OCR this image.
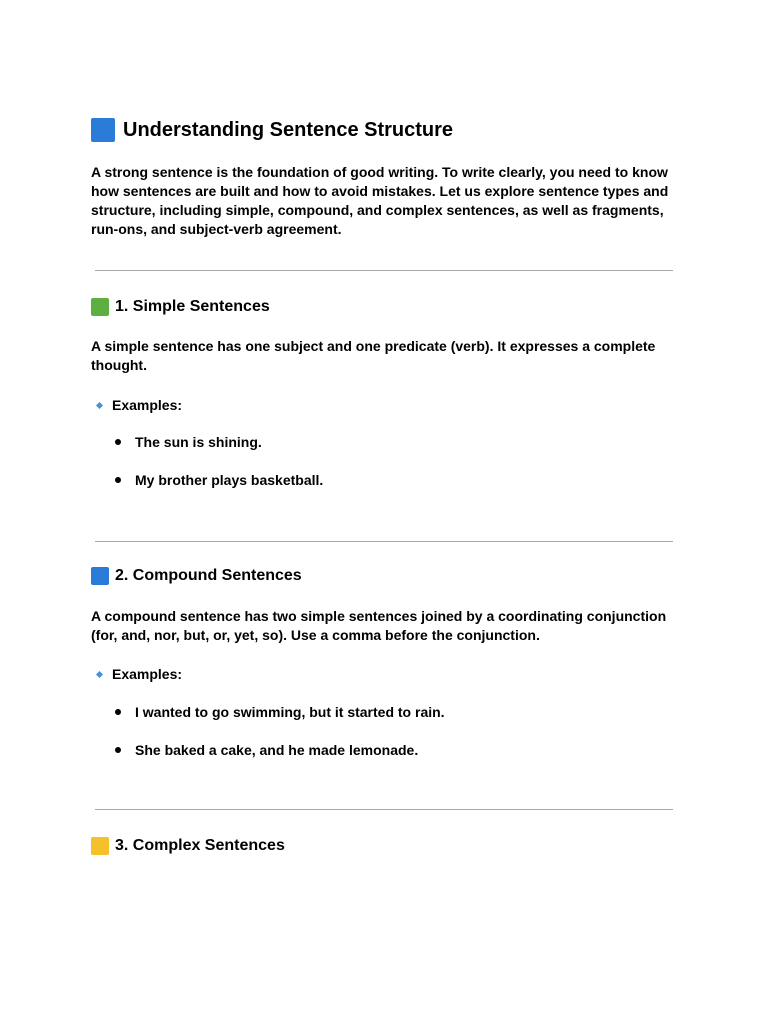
Understanding Sentence Structure

A strong sentence is the foundation of good writing. To write clearly, you need to know how sentences are built and how to avoid mistakes. Let us explore sentence types and structure, including simple, compound, and complex sentences, as well as fragments, run-ons, and subject-verb agreement.

1. Simple Sentences

A simple sentence has one subject and one predicate (verb). It expresses a complete thought.

Examples:
The sun is shining.
My brother plays basketball.
2. Compound Sentences

A compound sentence has two simple sentences joined by a coordinating conjunction (for, and, nor, but, or, yet, so). Use a comma before the conjunction.

Examples:
I wanted to go swimming, but it started to rain.
She baked a cake, and he made lemonade.
3. Complex Sentences
